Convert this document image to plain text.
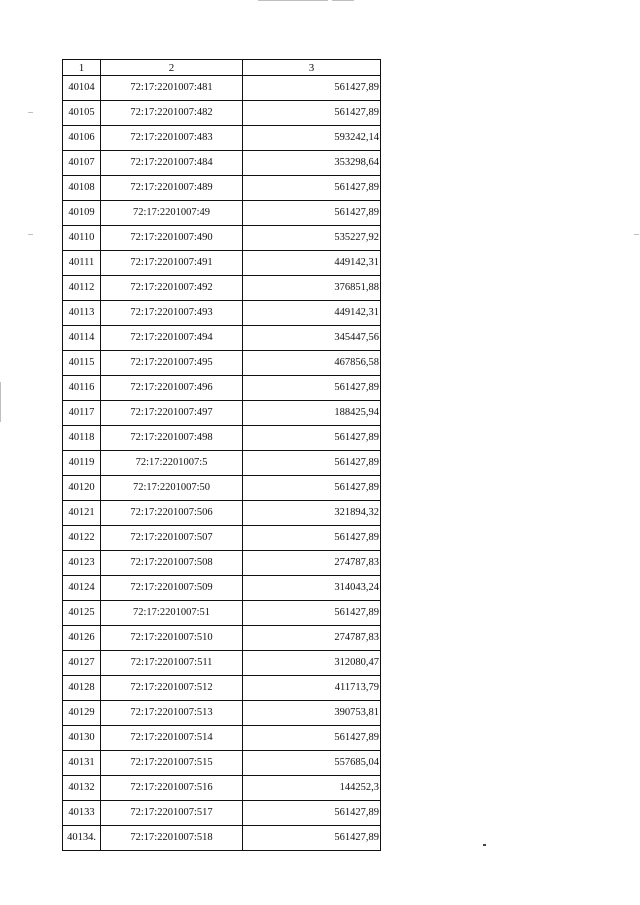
1	2	3
40104	72:17:2201007:481	561427,89
40105	72:17:2201007:482	561427,89
40106	72:17:2201007:483	593242,14
40107	72:17:2201007:484	353298,64
40108	72:17:2201007:489	561427,89
40109	72:17:2201007:49	561427,89
40110	72:17:2201007:490	535227,92
40111	72:17:2201007:491	449142,31
40112	72:17:2201007:492	376851,88
40113	72:17:2201007:493	449142,31
40114	72:17:2201007:494	345447,56
40115	72:17:2201007:495	467856,58
40116	72:17:2201007:496	561427,89
40117	72:17:2201007:497	188425,94
40118	72:17:2201007:498	561427,89
40119	72:17:2201007:5	561427,89
40120	72:17:2201007:50	561427,89
40121	72:17:2201007:506	321894,32
40122	72:17:2201007:507	561427,89
40123	72:17:2201007:508	274787,83
40124	72:17:2201007:509	314043,24
40125	72:17:2201007:51	561427,89
40126	72:17:2201007:510	274787,83
40127	72:17:2201007:511	312080,47
40128	72:17:2201007:512	411713,79
40129	72:17:2201007:513	390753,81
40130	72:17:2201007:514	561427,89
40131	72:17:2201007:515	557685,04
40132	72:17:2201007:516	144252,3
40133	72:17:2201007:517	561427,89
40134.	72:17:2201007:518	561427,89
